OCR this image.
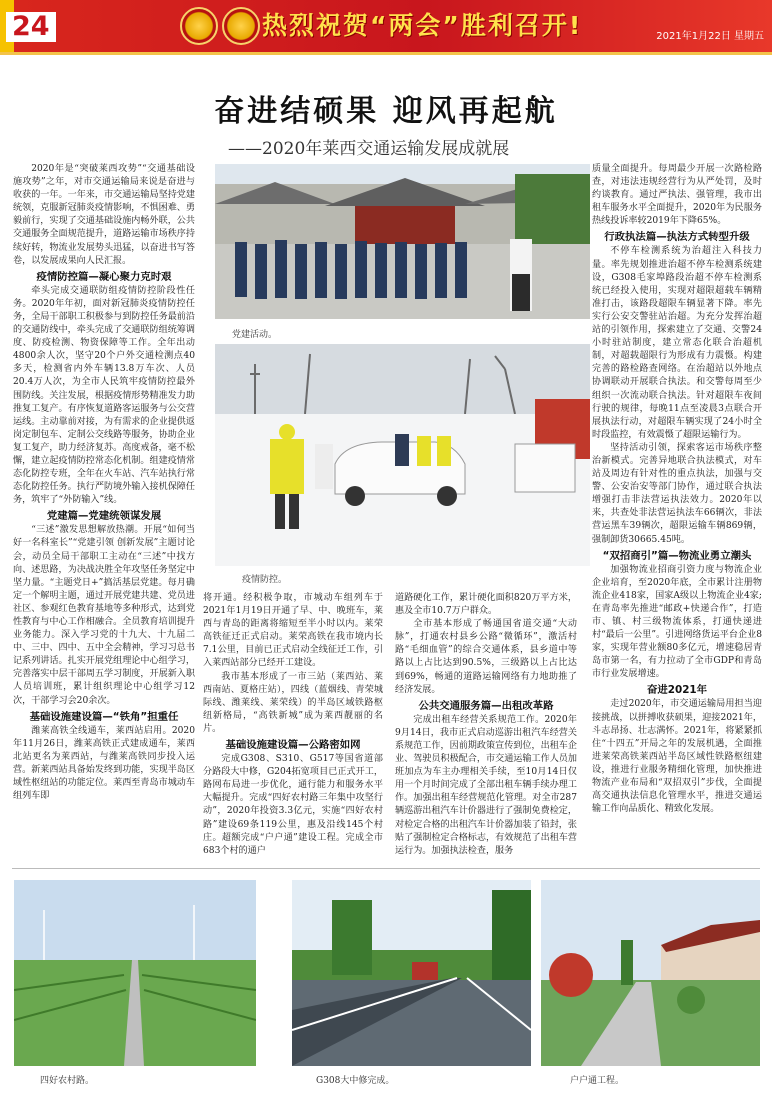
24	热烈祝贺“两会”胜利召开!	2021年1月22日 星期五
奋进结硕果 迎风再起航
——2020年莱西交通运输发展成就展

2020年是“突破莱西攻势”“交通基础设施攻势”之年，对市交通运输局来说是奋进与收获的一年。一年来，市交通运输局坚持党建统领，克服新冠肺炎疫情影响，不惧困难、勇毅前行，实现了交通基础设施内畅外联，公共交通服务全面规范提升，道路运输市场秩序持续好转，物流业发展势头迅猛，以奋进书写答卷，以发展成果向人民汇报。

疫情防控篇—凝心聚力克时艰

牵头完成交通联防组疫情防控阶段性任务。2020年年初，面对新冠肺炎疫情防控任务，全局干部职工积极参与到防控任务最前沿的交通防线中，牵头完成了交通联防组统筹调度、防疫检测、物资保障等工作。全年出动4800余人次，坚守20个户外交通检测点40多天，检测省内外车辆13.8万车次、人员20.4万人次，为全市人民筑牢疫情防控最外围防线。关注发展，根据疫情形势精准发力助推复工复产。有序恢复道路客运服务与公交营运线。主动靠前对接，为有需求的企业提供返岗定制包车、定制公交线路等服务，协助企业复工复产，助力经济复苏。高度戒备，毫不松懈，建立起疫情防控常态化机制。组建疫情常态化防控专班，全年在火车站、汽车站执行常态化防控任务。执行严防境外输入接机保障任务，筑牢了“外防输入”线。

党建篇—党建统领谋发展

“三述”激发思想解放热潮。开展“如何当好一名科室长”“党建引领 创新发展”主题讨论会，动员全局干部职工主动在“三述”中找方向、述思路，为决战决胜全年攻坚任务坚定中坚力量。“主题党日+”搞活基层党建。每月确定一个解明主题，通过开展党建共建、党员进社区、参观红色教育基地等多种形式，达到党性教育与中心工作相融合。全员教育培训提升业务能力。深入学习党的十九大、十九届二中、三中、四中、五中全会精神，学习习总书记系列讲话。扎实开展党组理论中心组学习，完善落实中层干部周五学习制度，开展新入职人员培训班，累计组织理论中心组学习12次，干部学习会20余次。

基础设施建设篇—“铁角”担重任

潍莱高铁全线通车，莱西站启用。2020年11月26日，潍莱高铁正式建成通车，莱西北站更名为莱西站，与潍莱高铁同步投入运营。新莱西站具备始发终到功能，实现半岛区域性枢纽站的功能定位。莱西至青岛市城动车组列车即

党建活动。
疫情防控。

将开通。经积极争取，市城动车组列车于2021年1月19日开通了早、中、晚班车，莱西与青岛的距离将缩短至半小时以内。莱荣高铁征迁正式启动。莱荣高铁在我市境内长7.1公里，目前已正式启动全线征迁工作，引入莱西站部分已经开工建设。

我市基本形成了一市三站（莱西站、莱西南站、夏格庄站），四线（蓝烟线、青荣城际线、潍莱线、莱荣线）的半岛区域铁路枢纽新格局，“高铁新城”成为莱西靓丽的名片。

基础设施建设篇—公路密如网

完成G308、S310、G517等国省道部分路段大中修，G204拓宽项目已正式开工，路网布局进一步优化，通行能力和服务水平大幅提升。完成“四好农村路三年集中攻坚行动”，2020年投资3.3亿元，实施“四好农村路”建设69条119公里，惠及沿线145个村庄。超额完成“户户通”建设工程。完成全市683个村的通户

道路硬化工作，累计硬化面积820万平方米，惠及全市10.7万户群众。

全市基本形成了畅通国省道交通“大动脉”，打通农村县乡公路“微循环”，激活村路“毛细血管”的综合交通体系，县乡道中等路以上占比达到90.5%，三级路以上占比达到69%，畅通的道路运输网络有力地助推了经济发展。

公共交通服务篇—出租改革路

完成出租车经营关系规范工作。2020年9月14日，我市正式启动巡游出租汽车经营关系规范工作，因前期政策宣传到位，出租车企业、驾驶员积极配合，市交通运输工作人员加班加点为车主办理相关手续，至10月14日仅用一个月时间完成了全部出租车辆手续办理工作。加强出租车经营规范化管理。对全市287辆巡游出租汽车计价器进行了强制免费检定，对检定合格的出租汽车计价器加装了铅封，张贴了强制检定合格标志，有效规范了出租车营运行为。加强执法检查，服务

质量全面提升。每周最少开展一次路检路查，对违法违规经营行为从严处罚，及时约谈教育。通过严执法、强管理，我市出租车服务水平全面提升，2020年为民服务热线投诉率较2019年下降65%。

行政执法篇—执法方式转型升级

不停车检测系统为治超注入科技力量。率先规划推进治超不停车检测系统建设，G308毛家埠路段治超不停车检测系统已经投入使用，实现对超限超载车辆精准打击，该路段超限车辆显著下降。率先实行公安交警驻站治超。为充分发挥治超站的引领作用，探索建立了交通、交警24小时驻站制度，建立常态化联合治超机制，对超载超限行为形成有力震慑。构建完善的路检路查网络。在治超站以外地点协调联动开展联合执法。和交警每周至少组织一次流动联合执法。针对超限车夜间行驶的规律，每晚11点至凌晨3点联合开展执法行动，对超限车辆实现了24小时全时段监控，有效震慑了超限运输行为。

坚持活动引领，探索客运市场秩序整治新模式。完善异地联合执法模式，对车站及周边有针对性的重点执法，加强与交警、公安治安等部门协作，通过联合执法增强打击非法营运执法效力。2020年以来，共查处非法营运执法车66辆次，非法营运黑车39辆次，超限运输车辆869辆，强制卸货30665.45吨。

“双招商引”篇—物流业勇立潮头

加强物流业招商引资力度与物流企业企业培育，至2020年底，全市累计注册物流企业418家，国家A级以上物流企业4家;在青岛率先推进“邮政+快递合作”，打造市、镇、村三级物流体系，打通快递进村“最后一公里”。引进网络货运平台企业8家，实现年营业额80多亿元，增速稳居青岛市第一名，有力拉动了全市GDP和青岛市行业发展增速。

奋进2021年

走过2020年，市交通运输局用担当迎接挑战，以拼搏收获硕果，迎接2021年，斗志昂扬、壮志满怀。2021年，将紧紧抓住“十四五”开局之年的发展机遇，全面推进莱荣高铁莱西站半岛区域性铁路枢纽建设，推进行业服务精细化管理，加快推进物流产业布局和“双招双引”步伐，全面提高交通执法信息化管理水平，推进交通运输工作向品质化、精致化发展。

四好农村路。	G308大中修完成。	户户通工程。
